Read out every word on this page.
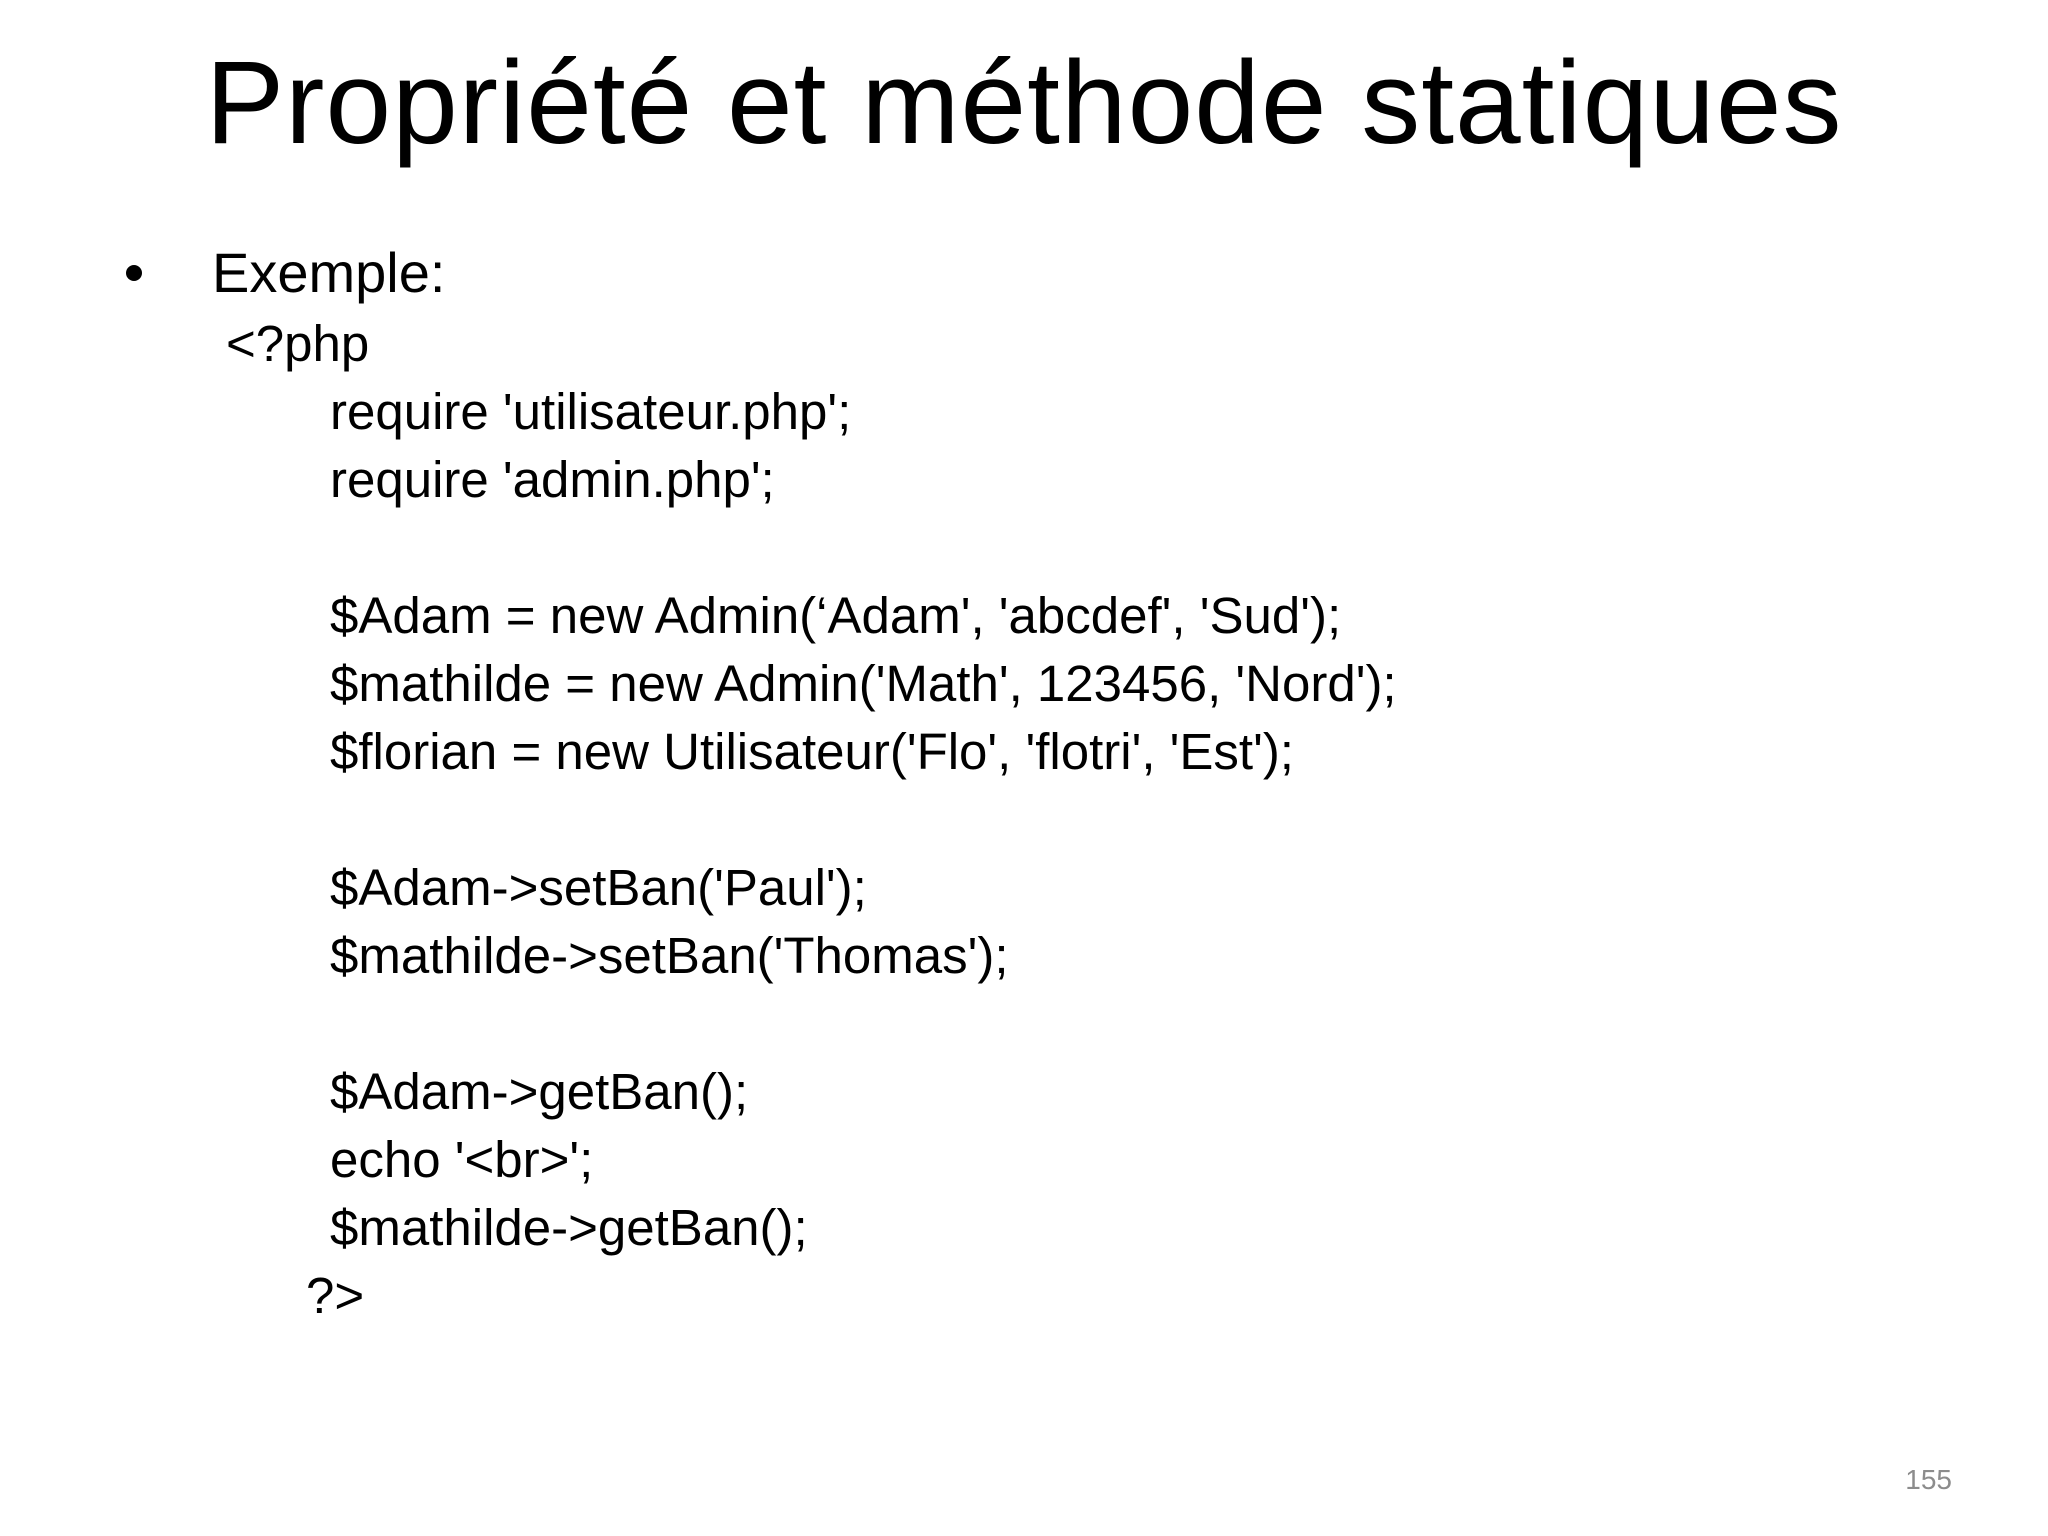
Propriété et méthode statiques
Exemple:
<?php
require 'utilisateur.php';
require 'admin.php';
$Adam = new Admin(‘Adam', 'abcdef', 'Sud');
$mathilde = new Admin('Math', 123456, 'Nord');
$florian = new Utilisateur('Flo', 'flotri', 'Est');
$Adam->setBan('Paul');
$mathilde->setBan('Thomas');
$Adam->getBan();
echo '<br>';
$mathilde->getBan();
?>
155
